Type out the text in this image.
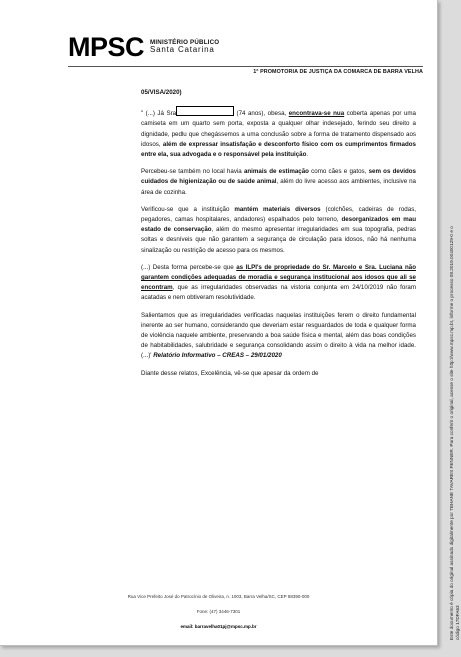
MPSC MINISTÉRIO PÚBLICO
Santa Catarina
1ª PROMOTORIA DE JUSTIÇA DA COMARCA DE BARRA VELHA

05/VISA/2020)

" (...) Já Sra	(74 anos), obesa, encontrava-se nua coberta apenas por uma camiseta em um quarto sem porta, exposta a qualquer olhar indesejado, ferindo seu direito a dignidade, pedlu que chegássemos a uma conclusão sobre a forma de tratamento dispensado aos idosos, além de expressar insatisfação e desconforto físico com os cumprimentos firmados entre ela, sua advogada e o responsável pela instituição.

Percebeu-se também no local havia animais de estimação como cães e gatos, sem os devidos cuidados de higienização ou de saúde animal, além do livre acesso aos ambientes, inclusive na área de cozinha.

Verificou-se que a instituição mantém materiais diversos (colchões, cadeiras de rodas, pegadores, camas hospitalares, andadores) espalhados pelo terreno, desorganizados em mau estado de conservação, além do mesmo apresentar irregularidades em sua topografia, pedras soltas e desníveis que não garantem a segurança de circulação para idosos, não há nenhuma sinalização ou restrição de acesso para os mesmos.

(...) Desta forma percebe-se que as ILPI's de propriedade do Sr. Marcelo e Sra. Luciana não garantem condições adequadas de moradia e segurança institucional aos idosos que ali se encontram, que as irregularidades observadas na vistoria conjunta em 24/10/2019 não foram acatadas e nem obtiveram resolutividade.

Salientamos que as irregularidades verificadas naquelas instituições ferem o direito fundamental inerente ao ser humano, considerando que deveriam estar resguardados de toda e qualquer forma de violência naquele ambiente, preservando a boa saúde física e mental, além das boas condições de habitabilidades, salubridade e segurança consolidando assim o direito à vida na melhor idade. (...)' Relatório Informativo – CREAS – 29/01/2020

Diante desse relatos, Excelência, vê-se que apesar da ordem de

Rua Vice Prefeito José do Patrocínio de Oliveira, n. 1003, Barra Velha/SC, CEP 88390-000
Fone: (47) 3446-7301
email: barravelha01pj@mpsc.mp.br	Este documento é cópia do original assinado digitalmente por TEHANE TAVARES FENNER. Para conferir o original, acesse o site http://www.mpsc.mp.br, informe o processo 08.2019.00400129-0 e o código 17DFA63
